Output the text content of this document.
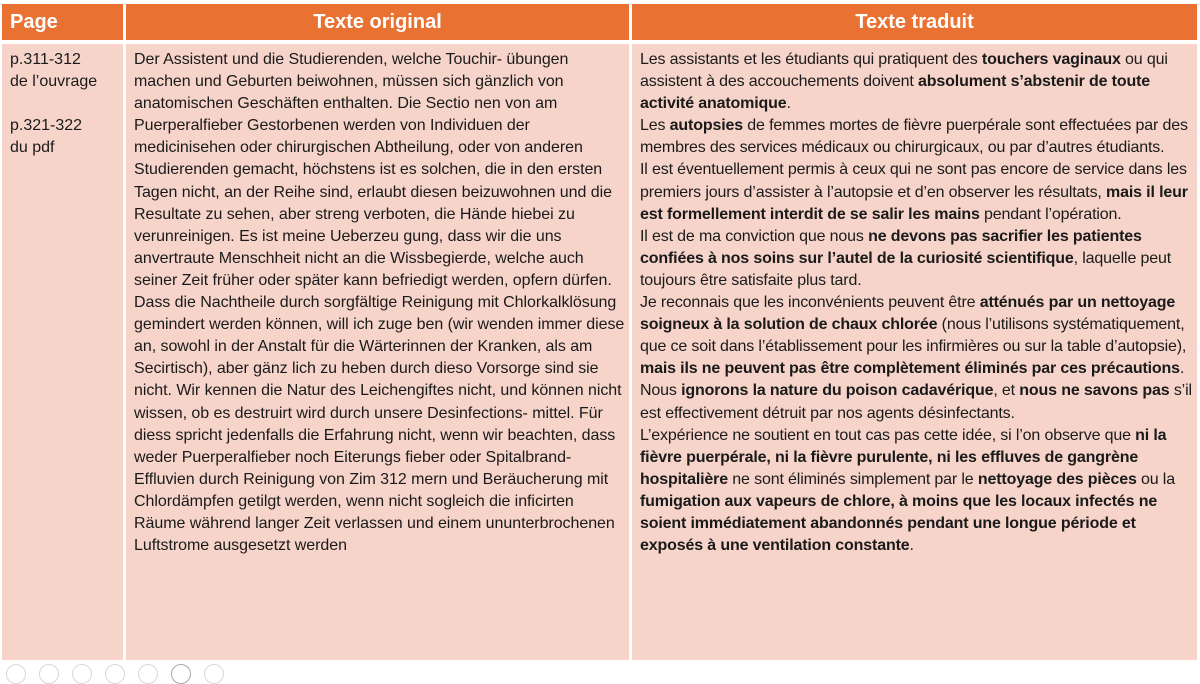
Page	Texte original	Texte traduit

p.311-312

de l’ouvrage

p.321-322

du pdf

Der Assistent und die Studierenden, welche Touchir- übungen machen und Geburten beiwohnen, müssen sich gänzlich von anatomischen Geschäften enthalten. Die Sectio nen von am Puerperalfieber Gestorbenen werden von Individuen der medicinisehen oder chirurgischen Abtheilung, oder von anderen Studierenden gemacht, höchstens ist es solchen, die in den ersten Tagen nicht, an der Reihe sind, erlaubt diesen beizuwohnen und die Resultate zu sehen, aber streng verboten, die Hände hiebei zu verunreinigen. Es ist meine Ueberzeu gung, dass wir die uns anvertraute Menschheit nicht an die Wissbegierde, welche auch seiner Zeit früher oder später kann befriedigt werden, opfern dürfen. Dass die Nachtheile durch sorgfältige Reinigung mit Chlorkalklösung gemindert werden können, will ich zuge ben (wir wenden immer diese an, sowohl in der Anstalt für die Wärterinnen der Kranken, als am Secirtisch), aber gänz lich zu heben durch dieso Vorsorge sind sie nicht. Wir kennen die Natur des Leichengiftes nicht, und können nicht wissen, ob es destruirt wird durch unsere Desinfections- mittel. Für diess spricht jedenfalls die Erfahrung nicht, wenn wir beachten, dass weder Puerperalfieber noch Eiterungs fieber oder Spitalbrand-Effluvien durch Reinigung von Zim 312 mern und Beräucherung mit Chlordämpfen getilgt werden, wenn nicht sogleich die inficirten Räume während langer Zeit verlassen und einem ununterbrochenen Luftstrome ausgesetzt werden

Les assistants et les étudiants qui pratiquent des touchers vaginaux ou qui assistent à des accouchements doivent absolument s’abstenir de toute activité anatomique.

Les autopsies de femmes mortes de fièvre puerpérale sont effectuées par des membres des services médicaux ou chirurgicaux, ou par d’autres étudiants.

Il est éventuellement permis à ceux qui ne sont pas encore de service dans les premiers jours d’assister à l’autopsie et d’en observer les résultats, mais il leur est formellement interdit de se salir les mains pendant l’opération.

Il est de ma conviction que nous ne devons pas sacrifier les patientes confiées à nos soins sur l’autel de la curiosité scientifique, laquelle peut toujours être satisfaite plus tard.

Je reconnais que les inconvénients peuvent être atténués par un nettoyage soigneux à la solution de chaux chlorée (nous l’utilisons systématiquement, que ce soit dans l’établissement pour les infirmières ou sur la table d’autopsie), mais ils ne peuvent pas être complètement éliminés par ces précautions.

Nous ignorons la nature du poison cadavérique, et nous ne savons pas s’il est effectivement détruit par nos agents désinfectants.

L’expérience ne soutient en tout cas pas cette idée, si l’on observe que ni la fièvre puerpérale, ni la fièvre purulente, ni les effluves de gangrène hospitalière ne sont éliminés simplement par le nettoyage des pièces ou la fumigation aux vapeurs de chlore, à moins que les locaux infectés ne soient immédiatement abandonnés pendant une longue période et exposés à une ventilation constante.
